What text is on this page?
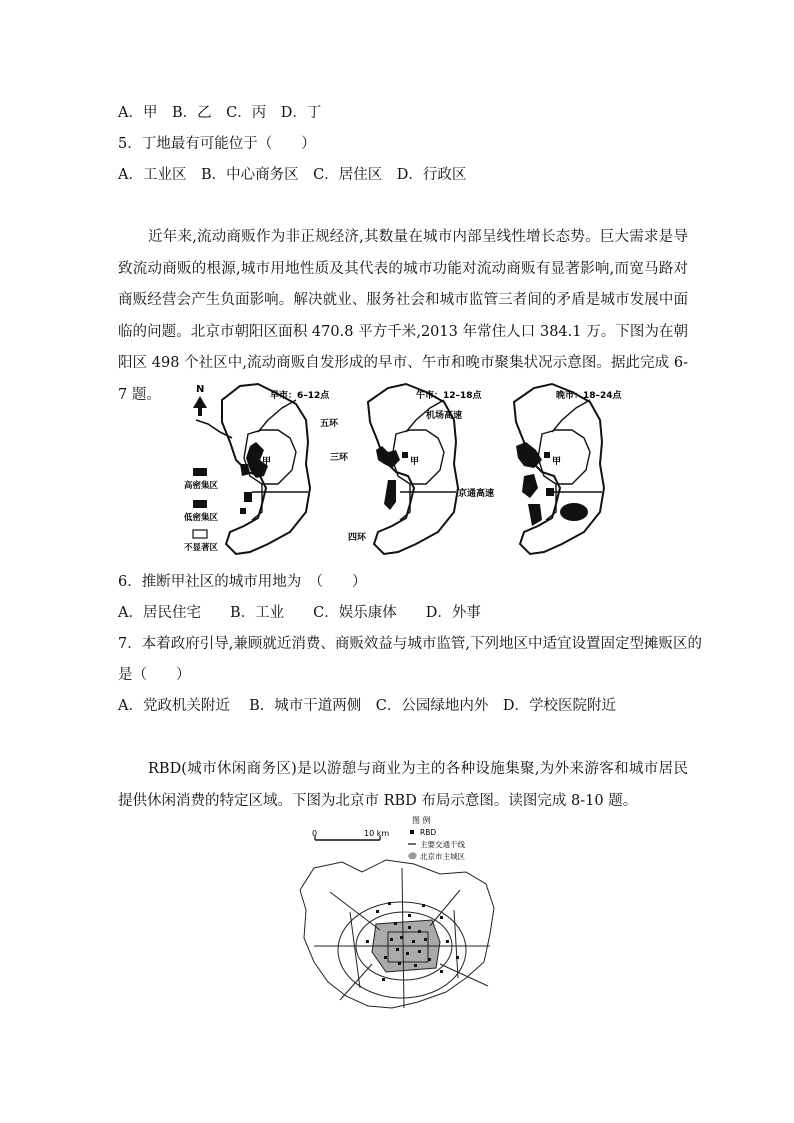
A．甲　B．乙　C．丙　D．丁
5．丁地最有可能位于（　　）
A．工业区　B．中心商务区　C．居住区　D．行政区
近年来,流动商贩作为非正规经济,其数量在城市内部呈线性增长态势。巨大需求是导致流动商贩的根源,城市用地性质及其代表的城市功能对流动商贩有显著影响,而宽马路对商贩经营会产生负面影响。解决就业、服务社会和城市监管三者间的矛盾是城市发展中面临的问题。北京市朝阳区面积 470.8 平方千米,2013 年常住人口 384.1 万。下图为在朝阳区 498 个社区中,流动商贩自发形成的早市、午市和晚市聚集状况示意图。据此完成 6-7 题。	N
甲
早市：6–12点
高密集区
低密集区
不显著区
甲
午市：12–18点
五环
机场高速
三环
京通高速
四环
甲
晚市：18–24点
6．推断甲社区的城市用地为　（　　）
A．居民住宅　　B．工业　　C．娱乐康体　　D．外事
7．本着政府引导,兼顾就近消费、商贩效益与城市监管,下列地区中适宜设置固定型摊贩区的
是（　　）
A．党政机关附近　 B．城市干道两侧　C．公园绿地内外　D．学校医院附近
RBD(城市休闲商务区)是以游憩与商业为主的各种设施集聚,为外来游客和城市居民提供休闲消费的特定区域。下图为北京市 RBD 布局示意图。读图完成 8-10 题。
0	10 km
图 例
RBD
主要交通干线
北京市主城区
